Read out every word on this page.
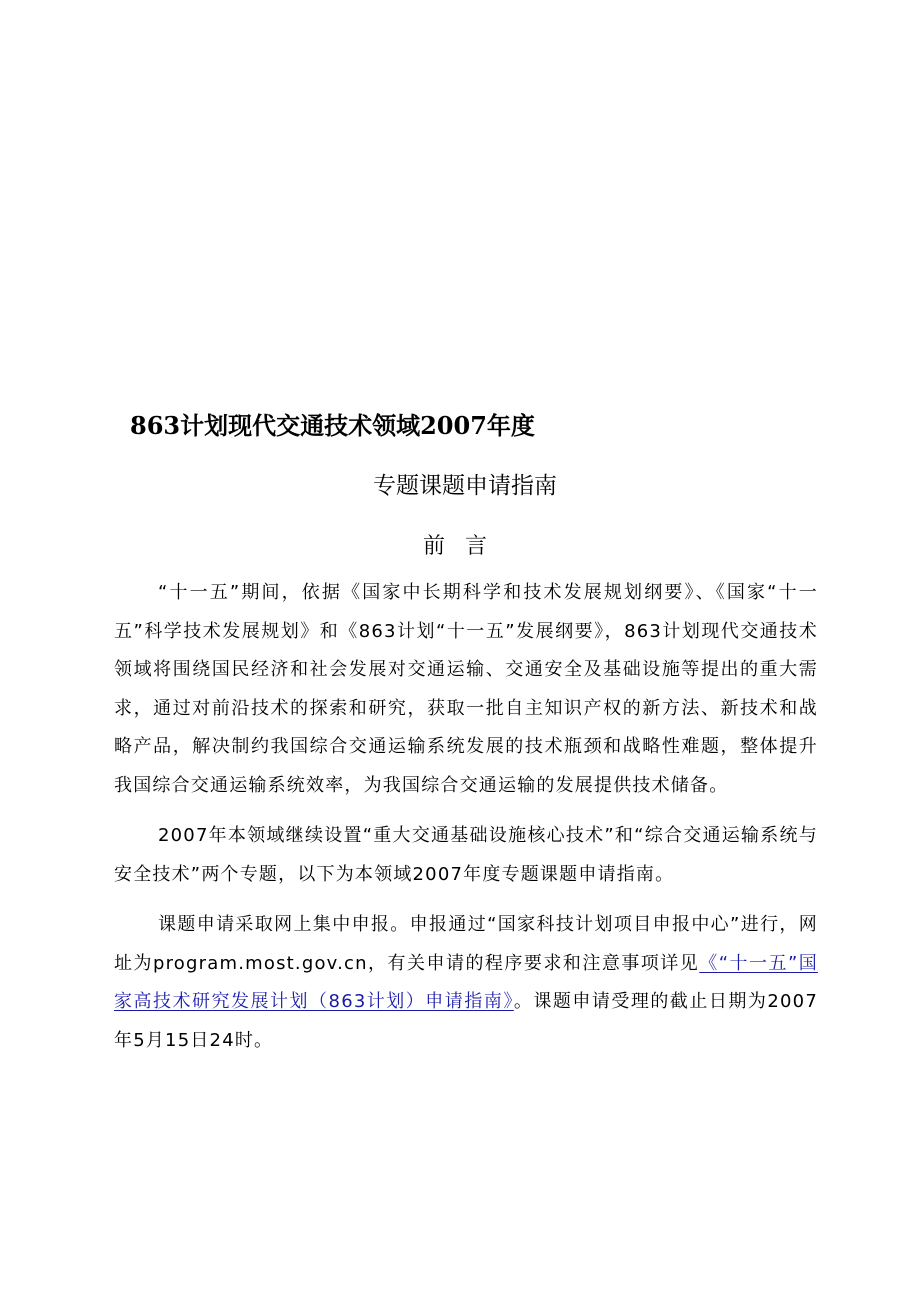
863计划现代交通技术领域2007年度
专题课题申请指南
前言

“十一五”期间，依据《国家中长期科学和技术发展规划纲要》、《国家“十一五”科学技术发展规划》和《863计划“十一五”发展纲要》，863计划现代交通技术领域将围绕国民经济和社会发展对交通运输、交通安全及基础设施等提出的重大需求，通过对前沿技术的探索和研究，获取一批自主知识产权的新方法、新技术和战略产品，解决制约我国综合交通运输系统发展的技术瓶颈和战略性难题，整体提升我国综合交通运输系统效率，为我国综合交通运输的发展提供技术储备。

2007年本领域继续设置“重大交通基础设施核心技术”和“综合交通运输系统与安全技术”两个专题，以下为本领域2007年度专题课题申请指南。

课题申请采取网上集中申报。申报通过“国家科技计划项目申报中心”进行，网址为program.most.gov.cn，有关申请的程序要求和注意事项详见《“十一五”国家高技术研究发展计划（863计划）申请指南》。课题申请受理的截止日期为2007年5月15日24时。
